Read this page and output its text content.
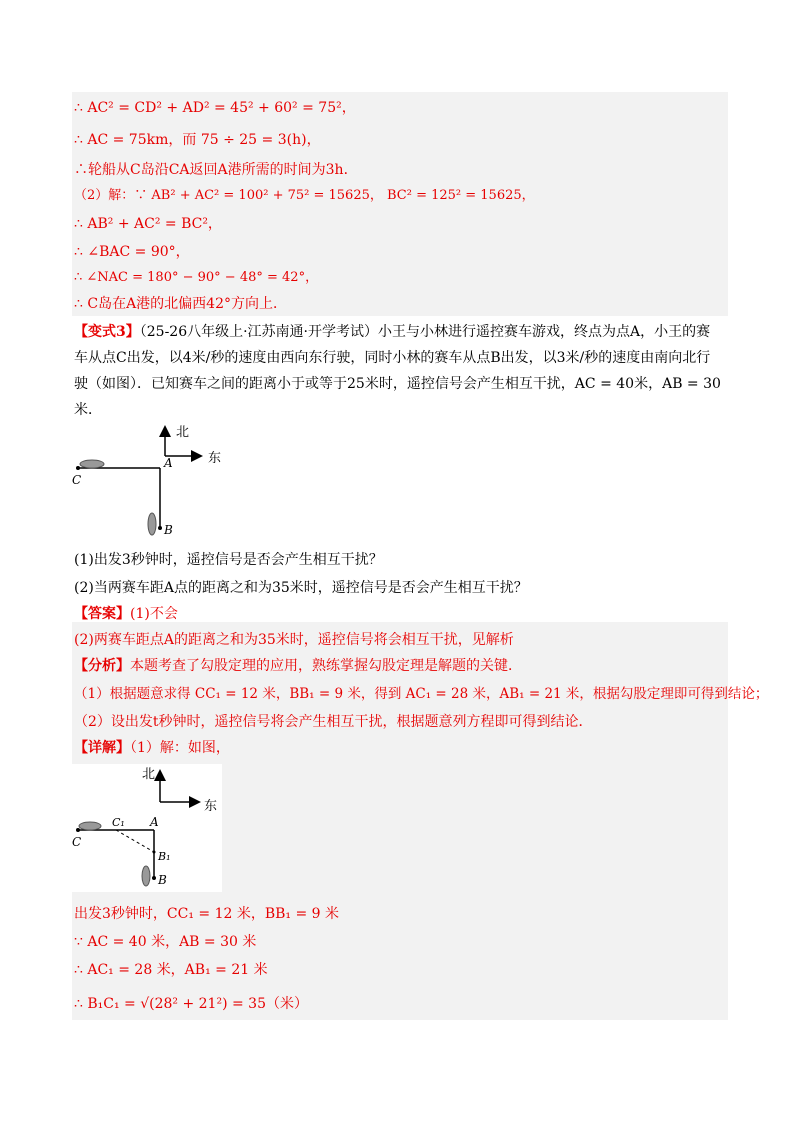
∴ AC² = CD² + AD² = 45² + 60² = 75²，
∴ AC = 75km，而 75 ÷ 25 = 3(h)，
∴轮船从C岛沿CA返回A港所需的时间为3h．
（2）解：∵ AB² + AC² = 100² + 75² = 15625， BC² = 125² = 15625，
∴ AB² + AC² = BC²，
∴ ∠BAC = 90°，
∴ ∠NAC = 180° − 90° − 48° = 42°，
∴ C岛在A港的北偏西42°方向上．
【变式3】（25-26八年级上·江苏南通·开学考试）小王与小林进行遥控赛车游戏，终点为点A，小王的赛
车从点C出发，以4米/秒的速度由西向东行驶，同时小林的赛车从点B出发，以3米/秒的速度由南向北行
驶（如图）．已知赛车之间的距离小于或等于25米时，遥控信号会产生相互干扰，AC = 40米，AB = 30
米．
北
东
A
C
B
(1)出发3秒钟时，遥控信号是否会产生相互干扰？
(2)当两赛车距A点的距离之和为35米时，遥控信号是否会产生相互干扰？
【答案】(1)不会
(2)两赛车距点A的距离之和为35米时，遥控信号将会相互干扰，见解析
【分析】本题考查了勾股定理的应用，熟练掌握勾股定理是解题的关键．
（1）根据题意求得 CC₁ = 12 米，BB₁ = 9 米，得到 AC₁ = 28 米，AB₁ = 21 米，根据勾股定理即可得到结论；
（2）设出发t秒钟时，遥控信号将会产生相互干扰，根据题意列方程即可得到结论．
【详解】（1）解：如图，
北
东
A
C₁
C
B₁
B
出发3秒钟时，CC₁ = 12 米，BB₁ = 9 米
∵ AC = 40 米，AB = 30 米
∴ AC₁ = 28 米，AB₁ = 21 米
∴ B₁C₁ = √(28² + 21²) = 35（米）
